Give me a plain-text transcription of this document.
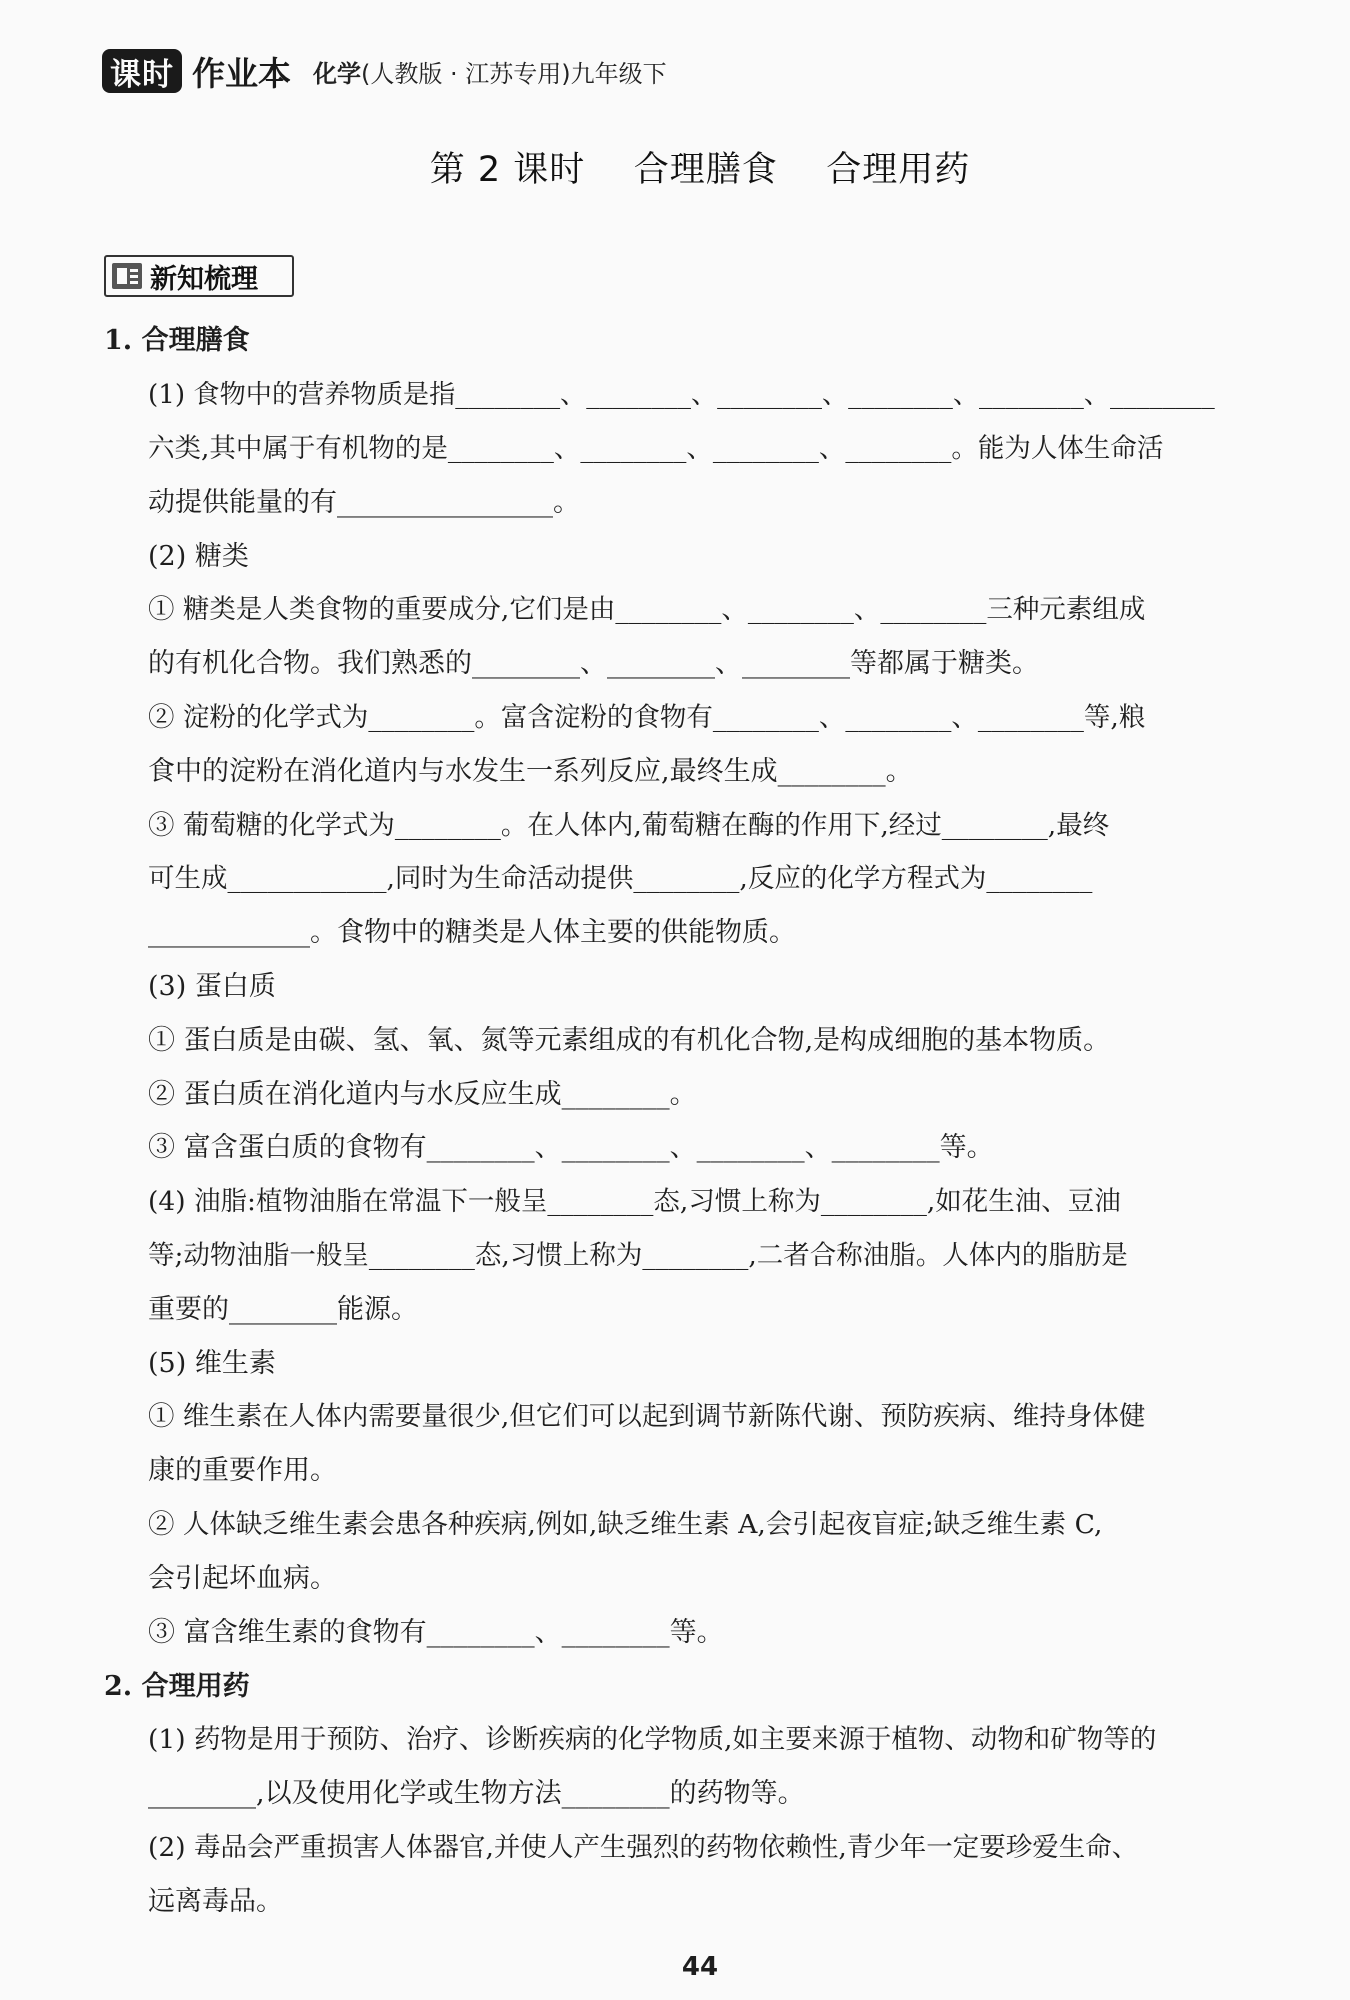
课时 作业本 化学(人教版 · 江苏专用)九年级下
第 2 课时    合理膳食    合理用药
新知梳理
1. 合理膳食
(1) 食物中的营养物质是指________、________、________、________、________、________
六类,其中属于有机物的是________、________、________、________。能为人体生命活
动提供能量的有________________。
(2) 糖类
① 糖类是人类食物的重要成分,它们是由________、________、________三种元素组成
的有机化合物。我们熟悉的________、________、________等都属于糖类。
② 淀粉的化学式为________。富含淀粉的食物有________、________、________等,粮
食中的淀粉在消化道内与水发生一系列反应,最终生成________。
③ 葡萄糖的化学式为________。在人体内,葡萄糖在酶的作用下,经过________,最终
可生成____________,同时为生命活动提供________,反应的化学方程式为________
____________。食物中的糖类是人体主要的供能物质。
(3) 蛋白质
① 蛋白质是由碳、氢、氧、氮等元素组成的有机化合物,是构成细胞的基本物质。
② 蛋白质在消化道内与水反应生成________。
③ 富含蛋白质的食物有________、________、________、________等。
(4) 油脂:植物油脂在常温下一般呈________态,习惯上称为________,如花生油、豆油
等;动物油脂一般呈________态,习惯上称为________,二者合称油脂。人体内的脂肪是
重要的________能源。
(5) 维生素
① 维生素在人体内需要量很少,但它们可以起到调节新陈代谢、预防疾病、维持身体健
康的重要作用。
② 人体缺乏维生素会患各种疾病,例如,缺乏维生素 A,会引起夜盲症;缺乏维生素 C,
会引起坏血病。
③ 富含维生素的食物有________、________等。
2. 合理用药
(1) 药物是用于预防、治疗、诊断疾病的化学物质,如主要来源于植物、动物和矿物等的
________,以及使用化学或生物方法________的药物等。
(2) 毒品会严重损害人体器官,并使人产生强烈的药物依赖性,青少年一定要珍爱生命、
远离毒品。
44
